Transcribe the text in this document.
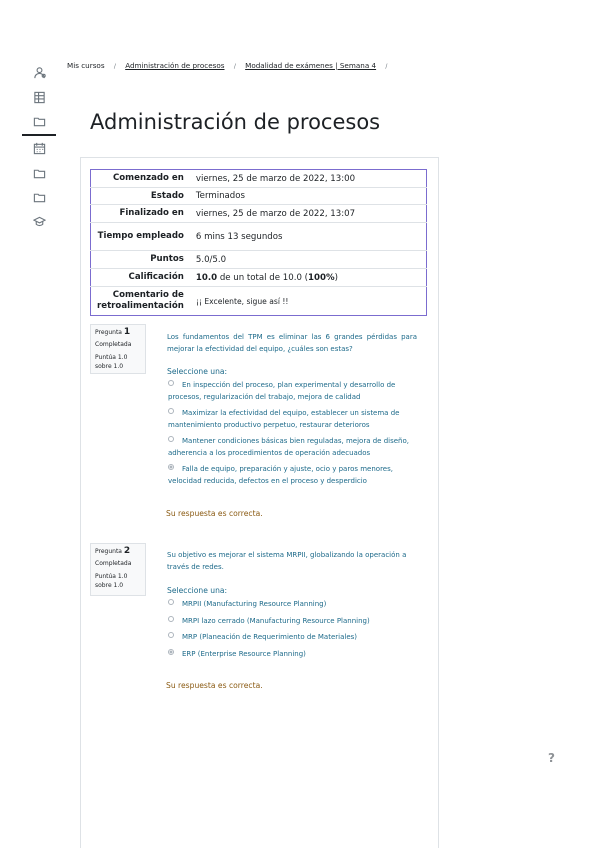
Mis cursos / Administración de procesos / Modalidad de exámenes | Semana 4 /
Administración de procesos
Comenzado en	viernes, 25 de marzo de 2022, 13:00
Estado	Terminados
Finalizado en	viernes, 25 de marzo de 2022, 13:07
Tiempo empleado	6 mins 13 segundos
Puntos	5.0/5.0
Calificación	10.0 de un total de 10.0 (100%)
Comentario de retroalimentación	¡¡ Excelente, sigue así !!
Pregunta 1
Completada
Puntúa 1.0
sobre 1.0

Los fundamentos del TPM es eliminar las 6 grandes pérdidas para mejorar la efectividad del equipo, ¿cuáles son estas?

Seleccione una:
En inspección del proceso, plan experimental y desarrollo de procesos, regularización del trabajo, mejora de calidad
Maximizar la efectividad del equipo, establecer un sistema de mantenimiento productivo perpetuo, restaurar deterioros
Mantener condiciones básicas bien reguladas, mejora de diseño, adherencia a los procedimientos de operación adecuados
Falla de equipo, preparación y ajuste, ocio y paros menores, velocidad reducida, defectos en el proceso y desperdicio
Su respuesta es correcta.
Pregunta 2
Completada
Puntúa 1.0
sobre 1.0

Su objetivo es mejorar el sistema MRPII, globalizando la operación a través de redes.

Seleccione una:
MRPII (Manufacturing Resource Planning)
MRPI lazo cerrado (Manufacturing Resource Planning)
MRP (Planeación de Requerimiento de Materiales)
ERP (Enterprise Resource Planning)
Su respuesta es correcta.
?
